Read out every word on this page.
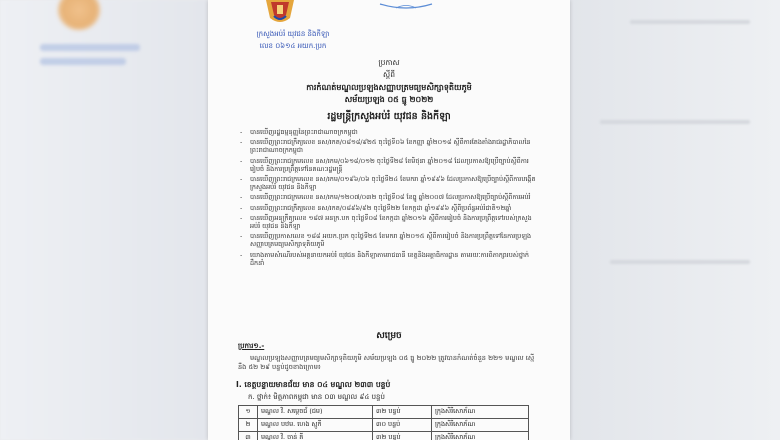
ក្រសួងអប់រំ យុវជន និងកីឡា
លេខ ០៦១៤ អយក.ប្រក
ប្រកាស
ស្តីពី
ការកំណត់មណ្ឌលប្រឡងសញ្ញាបត្រមធ្យមសិក្សាទុតិយភូមិ
សម័យប្រឡង ០៥ ធ្នូ ២០២២
រដ្ឋមន្ត្រីក្រសួងអប់រំ យុវជន និងកីឡា
- បានឃើញរដ្ឋធម្មនុញ្ញនៃព្រះរាជាណាចក្រកម្ពុជា
- បានឃើញព្រះរាជក្រឹត្យលេខ នស/រកត/០៨១៨/៩២៥ ចុះថ្ងៃទី០៦ ខែកញ្ញា ឆ្នាំ២០១៨ ស្តីពីការតែងតាំងរាជរដ្ឋាភិបាលនៃព្រះរាជាណាចក្រកម្ពុជា
- បានឃើញព្រះរាជក្រមលេខ នស/រកម/០៦១៨/០១២ ចុះថ្ងៃទី២៨ ខែមិថុនា ឆ្នាំ២០១៨ ដែលប្រកាសឱ្យប្រើច្បាប់ស្តីពីការរៀបចំ និងការប្រព្រឹត្តទៅនៃគណៈរដ្ឋមន្ត្រី
- បានឃើញព្រះរាជក្រមលេខ នស/រកម/០១៩៦/០៦ ចុះថ្ងៃទី២៤ ខែមករា ឆ្នាំ១៩៩៦ ដែលប្រកាសឱ្យប្រើច្បាប់ស្តីពីការបង្កើតក្រសួងអប់រំ យុវជន និងកីឡា
- បានឃើញព្រះរាជក្រមលេខ នស/រកម/១២០៧/០៣២ ចុះថ្ងៃទី០៨ ខែធ្នូ ឆ្នាំ២០០៧ ដែលប្រកាសឱ្យប្រើច្បាប់ស្តីពីការអប់រំ
- បានឃើញព្រះរាជក្រឹត្យលេខ នស/រកត/០៨៩៦/៩២ ចុះថ្ងៃទី២២ ខែកក្កដា ឆ្នាំ១៩៩៦ ស្តីពីប្រព័ន្ធអប់រំជាតិ១២ឆ្នាំ
- បានឃើញអនុក្រឹត្យលេខ ១៨៧ អនក្រ.បក ចុះថ្ងៃទី០៨ ខែកក្កដា ឆ្នាំ២០១៦ ស្តីពីការរៀបចំ និងការប្រព្រឹត្តទៅរបស់ក្រសួងអប់រំ យុវជន និងកីឡា
- បានឃើញប្រកាសលេខ ១៨៨ អយក.ប្រក ចុះថ្ងៃទី២៥ ខែមករា ឆ្នាំ២០១៥ ស្តីពីការរៀបចំ និងការប្រព្រឹត្តទៅនៃការប្រឡងសញ្ញាបត្រមធ្យមសិក្សាទុតិយភូមិ
- យោងតាមសំណើរបស់អគ្គនាយកអប់រំ យុវជន និងកីឡាតាមរាជធានី ខេត្តនិងអគ្គាធិការដ្ឋាន តាមរយៈការពិភាក្សារបស់ថ្នាក់ដឹកនាំ
សម្រេច
ប្រការ១.-
មណ្ឌលប្រឡងសញ្ញាបត្រមធ្យមសិក្សាទុតិយភូមិ សម័យប្រឡង ០៥ ធ្នូ ២០២២ ត្រូវបានកំណត់ចំនួន ២២១ មណ្ឌល ស្មើនឹង ៥២ ២៩ បន្ទប់ដូចខាងក្រោម៖
I. ខេត្តបន្ទាយមានជ័យ មាន ០៤ មណ្ឌល ២៣៣ បន្ទប់
ក. ថ្នាក់៖ មិត្តភាពកម្ពុជា មាន ០៣ មណ្ឌល ៩៤ បន្ទប់
១	មណ្ឌល វិ. សម្តេចជ័ (ជម)	៣២ បន្ទប់	ក្រុងសិរីសោភ័ណ
២	មណ្ឌល បឋម. ហេង ស្មូកី	៣០ បន្ទប់	ក្រុងសិរីសោភ័ណ
៣	មណ្ឌល វិ. ចាន់ គី	៣២ បន្ទប់	ក្រុងសិរីសោភ័ណ
